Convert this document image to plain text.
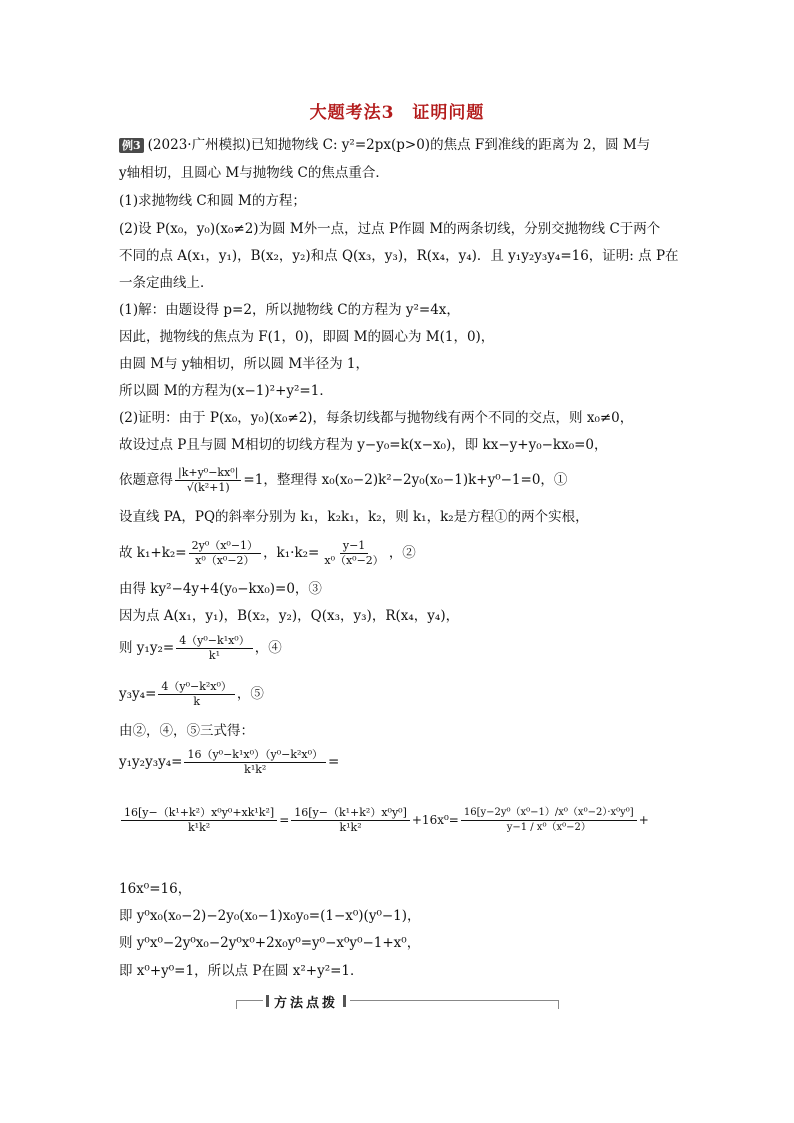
大题考法3　证明问题
例3 (2023·广州模拟)已知抛物线 C: y²=2px(p>0)的焦点 F到准线的距离为 2，圆 M与
y轴相切，且圆心 M与抛物线 C的焦点重合．
(1)求抛物线 C和圆 M的方程；
(2)设 P(x₀，y₀)(x₀≠2)为圆 M外一点，过点 P作圆 M的两条切线，分别交抛物线 C于两个
不同的点 A(x₁，y₁)，B(x₂，y₂)和点 Q(x₃，y₃)，R(x₄，y₄)．且 y₁y₂y₃y₄=16，证明: 点 P在
一条定曲线上．
(1)解：由题设得 p=2，所以抛物线 C的方程为 y²=4x，
因此，抛物线的焦点为 F(1，0)，即圆 M的圆心为 M(1，0)，
由圆 M与 y轴相切，所以圆 M半径为 1，
所以圆 M的方程为(x−1)²+y²=1．
(2)证明：由于 P(x₀，y₀)(x₀≠2)，每条切线都与抛物线有两个不同的交点，则 x₀≠0，
故设过点 P且与圆 M相切的切线方程为 y−y₀=k(x−x₀)，即 kx−y+y₀−kx₀=0，
依题意得 $\frac{\text{|k+y⁰−kx⁰|}}{\text{√(k²+1)}} =1$，整理得 x₀(x₀−2)k²−2y₀(x₀−1)k+y⁰−1=0，①
设直线 PA，PQ的斜率分别为 k₁，k₂k₁，k₂，则 k₁，k₂是方程①的两个实根，
故 $k_1+k_2= \frac{\text{2y⁰（x⁰−1）}}{\text{x⁰（x⁰−2）}}$ ，$k_1\cdot k_2= \frac{y-1}{\text{x⁰（x⁰−2）}}$ ，②
由得 ky²−4y+4(y₀−kx₀)=0，③
因为点 A(x₁，y₁)，B(x₂，y₂)，Q(x₃，y₃)，R(x₄，y₄)，
则 $y_1y_2= \frac{\text{4（y⁰−k¹x⁰）}}{\text{k¹}}$ ，④
$y_3y_4= \frac{\text{4（y⁰−k²x⁰）}}{k}$ ，⑤
由②，④，⑤三式得：
$y_1y_2y_3y_4= \frac{\text{16（y⁰−k¹x⁰）（y⁰−k²x⁰）}}{\text{k¹k²}}$ =
$\frac{\text{16[y−（k¹+k²）x⁰y⁰+xk¹k²]}}{\text{k¹k²}} = \frac{\text{16[y−（k¹+k²）x⁰y⁰]}}{\text{k¹k²}} +16x^0= \frac{\text{16[y−2y⁰（x⁰−1）/x⁰（x⁰−2）·x⁰y⁰]}}{\text{y−1 / x⁰（x⁰−2）}}$ +
16x⁰=16，
即 y⁰x₀(x₀−2)−2y₀(x₀−1)x₀y₀=(1−x⁰)(y⁰−1)，
则 y⁰x⁰−2y⁰x₀−2y⁰x⁰+2x₀y⁰=y⁰−x⁰y⁰−1+x⁰，
即 x⁰+y⁰=1，所以点 P在圆 x²+y²=1．
方法点拨
